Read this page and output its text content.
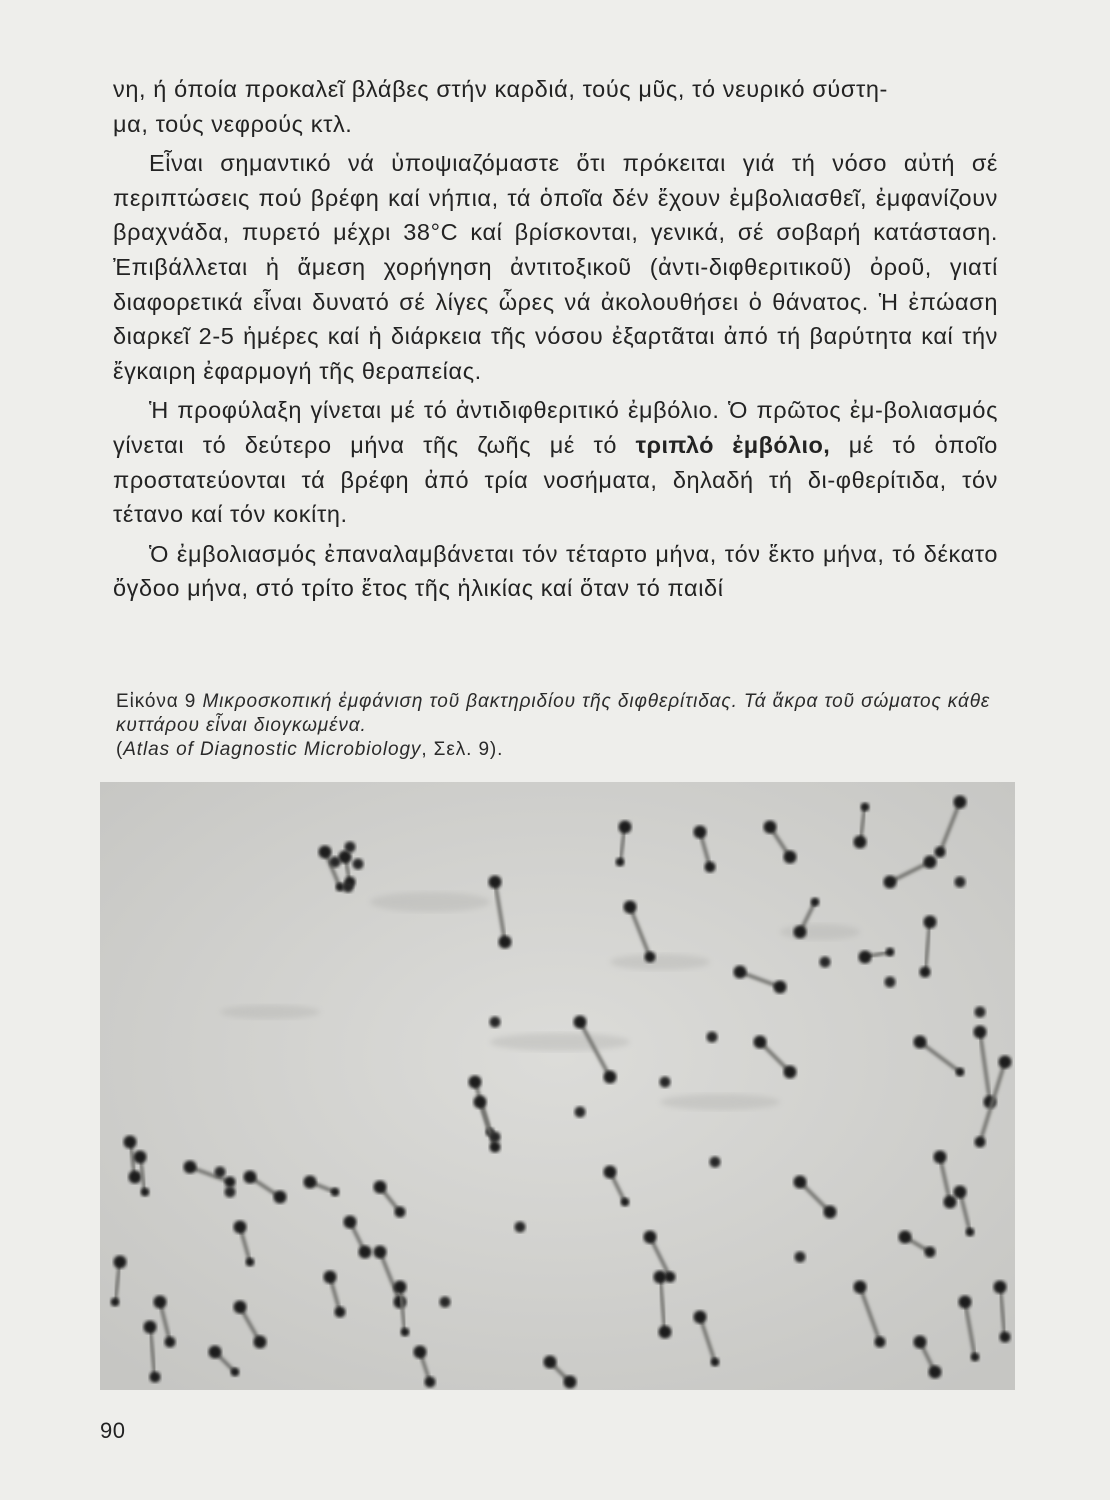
νη, ή όποία προκαλεῖ βλάβες στήν καρδιά, τούς μῦς, τό νευρικό σύστη-
μα, τούς νεφρούς κτλ.

Εἶναι σημαντικό νά ὑποψιαζόμαστε ὅτι πρόκειται γιά τή νόσο αὐτή σέ περιπτώσεις πού βρέφη καί νήπια, τά ὁποῖα δέν ἔχουν ἐμβολιασθεῖ, ἐμφανίζουν βραχνάδα, πυρετό μέχρι 38°C καί βρίσκονται, γενικά, σέ σοβαρή κατάσταση. Ἐπιβάλλεται ἡ ἄμεση χορήγηση ἀντιτοξικοῦ (ἀντι-διφθεριτικοῦ) ὀροῦ, γιατί διαφορετικά εἶναι δυνατό σέ λίγες ὧρες νά ἀκολουθήσει ὁ θάνατος. Ἡ ἐπώαση διαρκεῖ 2-5 ἡμέρες καί ἡ διάρκεια τῆς νόσου ἐξαρτᾶται ἀπό τή βαρύτητα καί τήν ἔγκαιρη ἐφαρμογή τῆς θεραπείας.

Ἡ προφύλαξη γίνεται μέ τό ἀντιδιφθεριτικό ἐμβόλιο. Ὁ πρῶτος ἐμ-βολιασμός γίνεται τό δεύτερο μήνα τῆς ζωῆς μέ τό τριπλό ἐμβόλιο, μέ τό ὁποῖο προστατεύονται τά βρέφη ἀπό τρία νοσήματα, δηλαδή τή δι-φθερίτιδα, τόν τέτανο καί τόν κοκίτη.

Ὁ ἐμβολιασμός ἐπαναλαμβάνεται τόν τέταρτο μήνα, τόν ἕκτο μήνα, τό δέκατο ὄγδοο μήνα, στό τρίτο ἔτος τῆς ἡλικίας καί ὅταν τό παιδί

Εἰκόνα 9 Μικροσκοπική ἐμφάνιση τοῦ βακτηριδίου τῆς διφθερίτιδας. Τά ἄκρα τοῦ σώματος κάθε κυττάρου εἶναι διογκωμένα.
(Atlas of Diagnostic Microbiology, Σελ. 9).
90
